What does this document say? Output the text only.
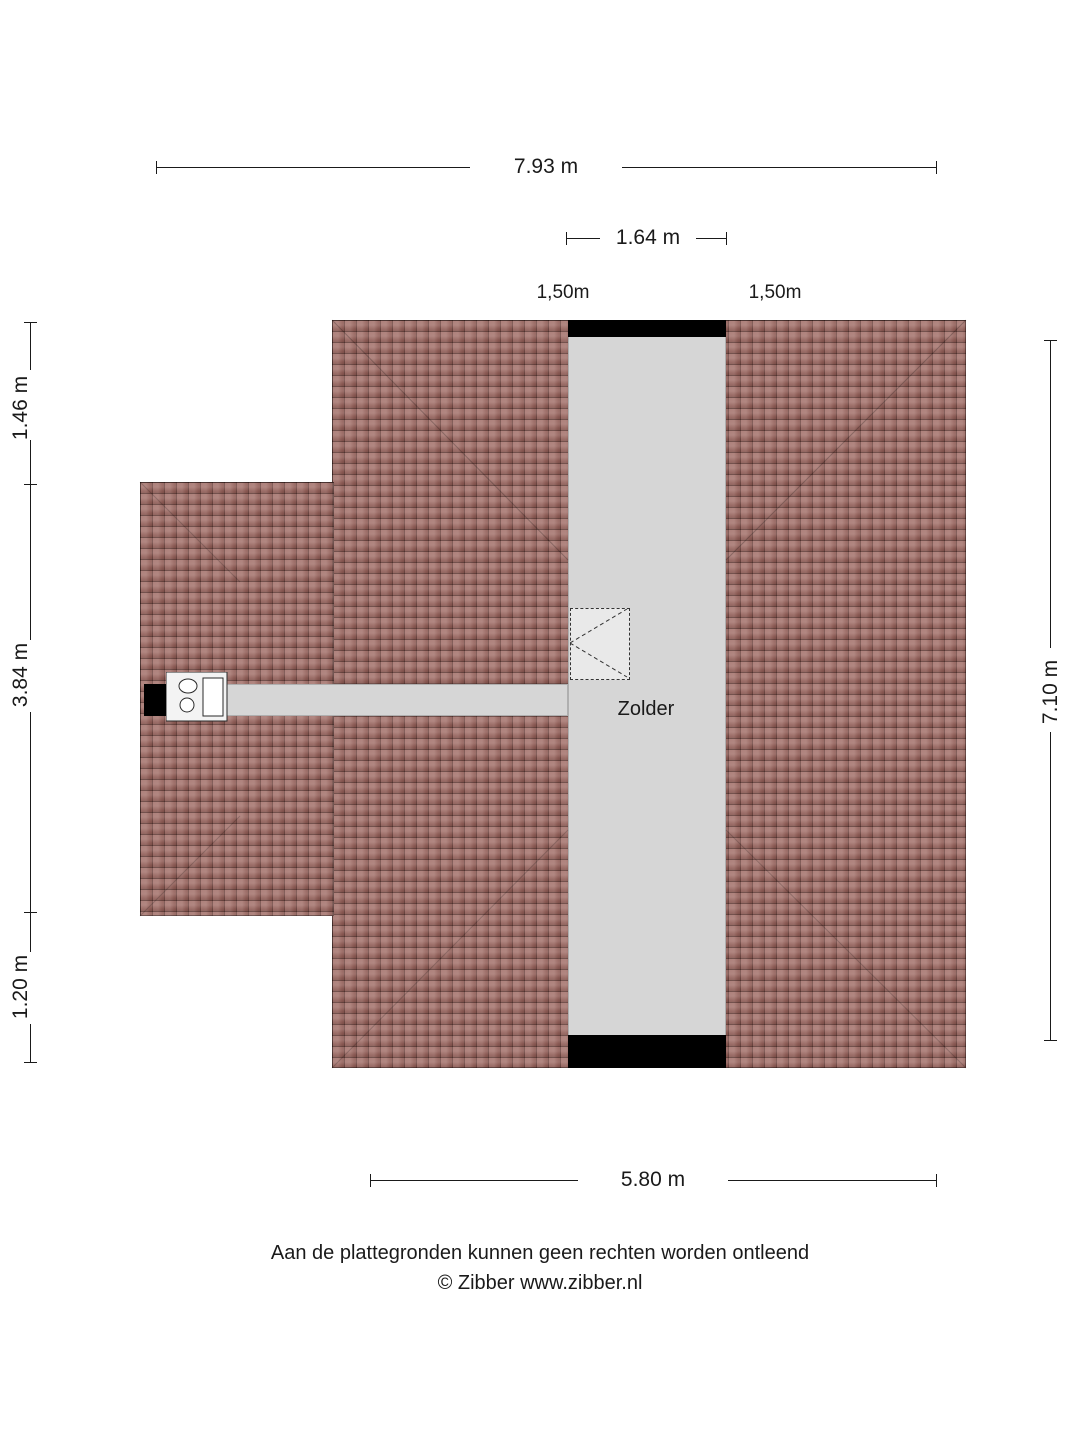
7.93 m
1.64 m
1,50m	1,50m
1.46 m
3.84 m
1.20 m
7.10 m
5.80 m
Zolder
Aan de plattegronden kunnen geen rechten worden ontleend
© Zibber www.zibber.nl
